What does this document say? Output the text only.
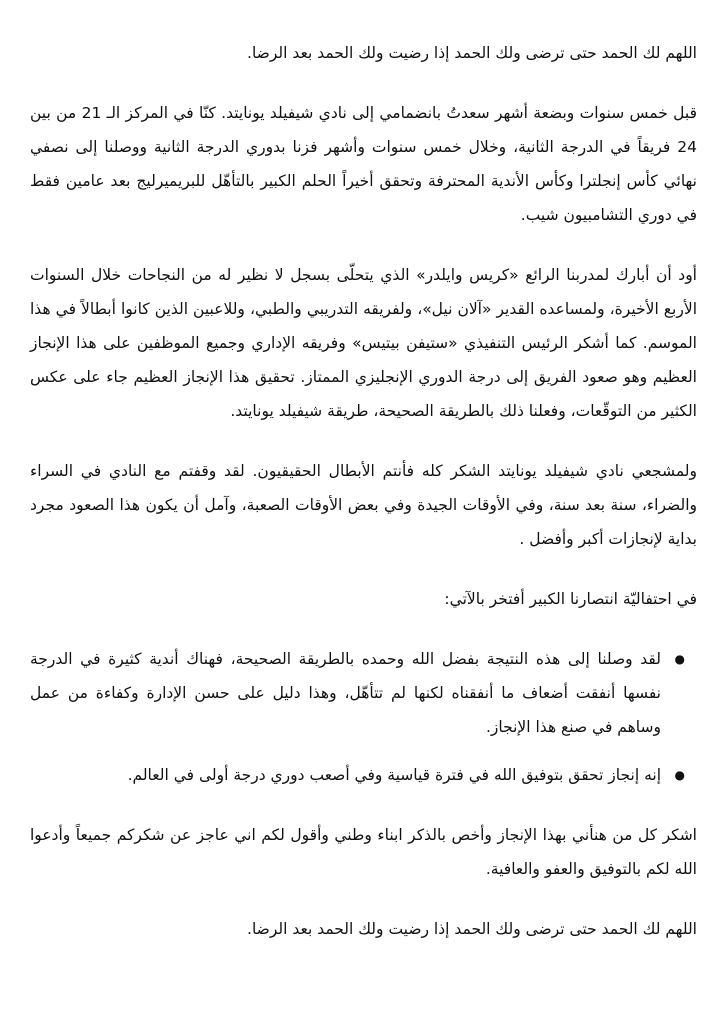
اللهم لك الحمد حتى ترضى ولك الحمد إذا رضيت ولك الحمد بعد الرضا.

قبل خمس سنوات وبضعة أشهر سعدتُ بانضمامي إلى نادي شيفيلد يونايتد. كنّا في المركز الـ 21 من بين 24 فريقاً في الدرجة الثانية، وخلال خمس سنوات وأشهر فزنا بدوري الدرجة الثانية ووصلنا إلى نصفي نهائي كأس إنجلترا وكأس الأندية المحترفة وتحقق أخيراً الحلم الكبير بالتأهّل للبريميرليج بعد عامين فقط في دوري التشامبيون شيب.

أود أن أبارك لمدربنا الرائع «كريس وايلدر» الذي يتحلّى بسجل لا نظير له من النجاحات خلال السنوات الأربع الأخيرة، ولمساعده القدير «آلان نيل»، ولفريقه التدريبي والطبي، وللاعبين الذين كانوا أبطالاً في هذا الموسم. كما أشكر الرئيس التنفيذي «ستيفن بيتيس» وفريقه الإداري وجميع الموظفين على هذا الإنجاز العظيم وهو صعود الفريق إلى درجة الدوري الإنجليزي الممتاز. تحقيق هذا الإنجاز العظيم جاء على عكس الكثير من التوقّعات، وفعلنا ذلك بالطريقة الصحيحة، طريقة شيفيلد يونايتد.

ولمشجعي نادي شيفيلد يونايتد الشكر كله فأنتم الأبطال الحقيقيون. لقد وقفتم مع النادي في السراء والضراء، سنة بعد سنة، وفي الأوقات الجيدة وفي بعض الأوقات الصعبة، وآمل أن يكون هذا الصعود مجرد بداية لإنجازات أكبر وأفضل .

في احتفاليّة انتصارنا الكبير أفتخر بالآتي:

●
لقد وصلنا إلى هذه النتيجة بفضل الله وحمده بالطريقة الصحيحة، فهناك أندية كثيرة في الدرجة نفسها أنفقت أضعاف ما أنفقناه لكنها لم تتأهّل، وهذا دليل على حسن الإدارة وكفاءة من عمل وساهم في صنع هذا الإنجاز.
●
إنه إنجاز تحقق بتوفيق الله في فترة قياسية وفي أصعب دوري درجة أولى في العالم.

اشكر كل من هنأني بهذا الإنجاز وأخص بالذكر ابناء وطني وأقول لكم اني عاجز عن شكركم جميعاً وأدعوا الله لكم بالتوفيق والعفو والعافية.

اللهم لك الحمد حتى ترضى ولك الحمد إذا رضيت ولك الحمد بعد الرضا.
